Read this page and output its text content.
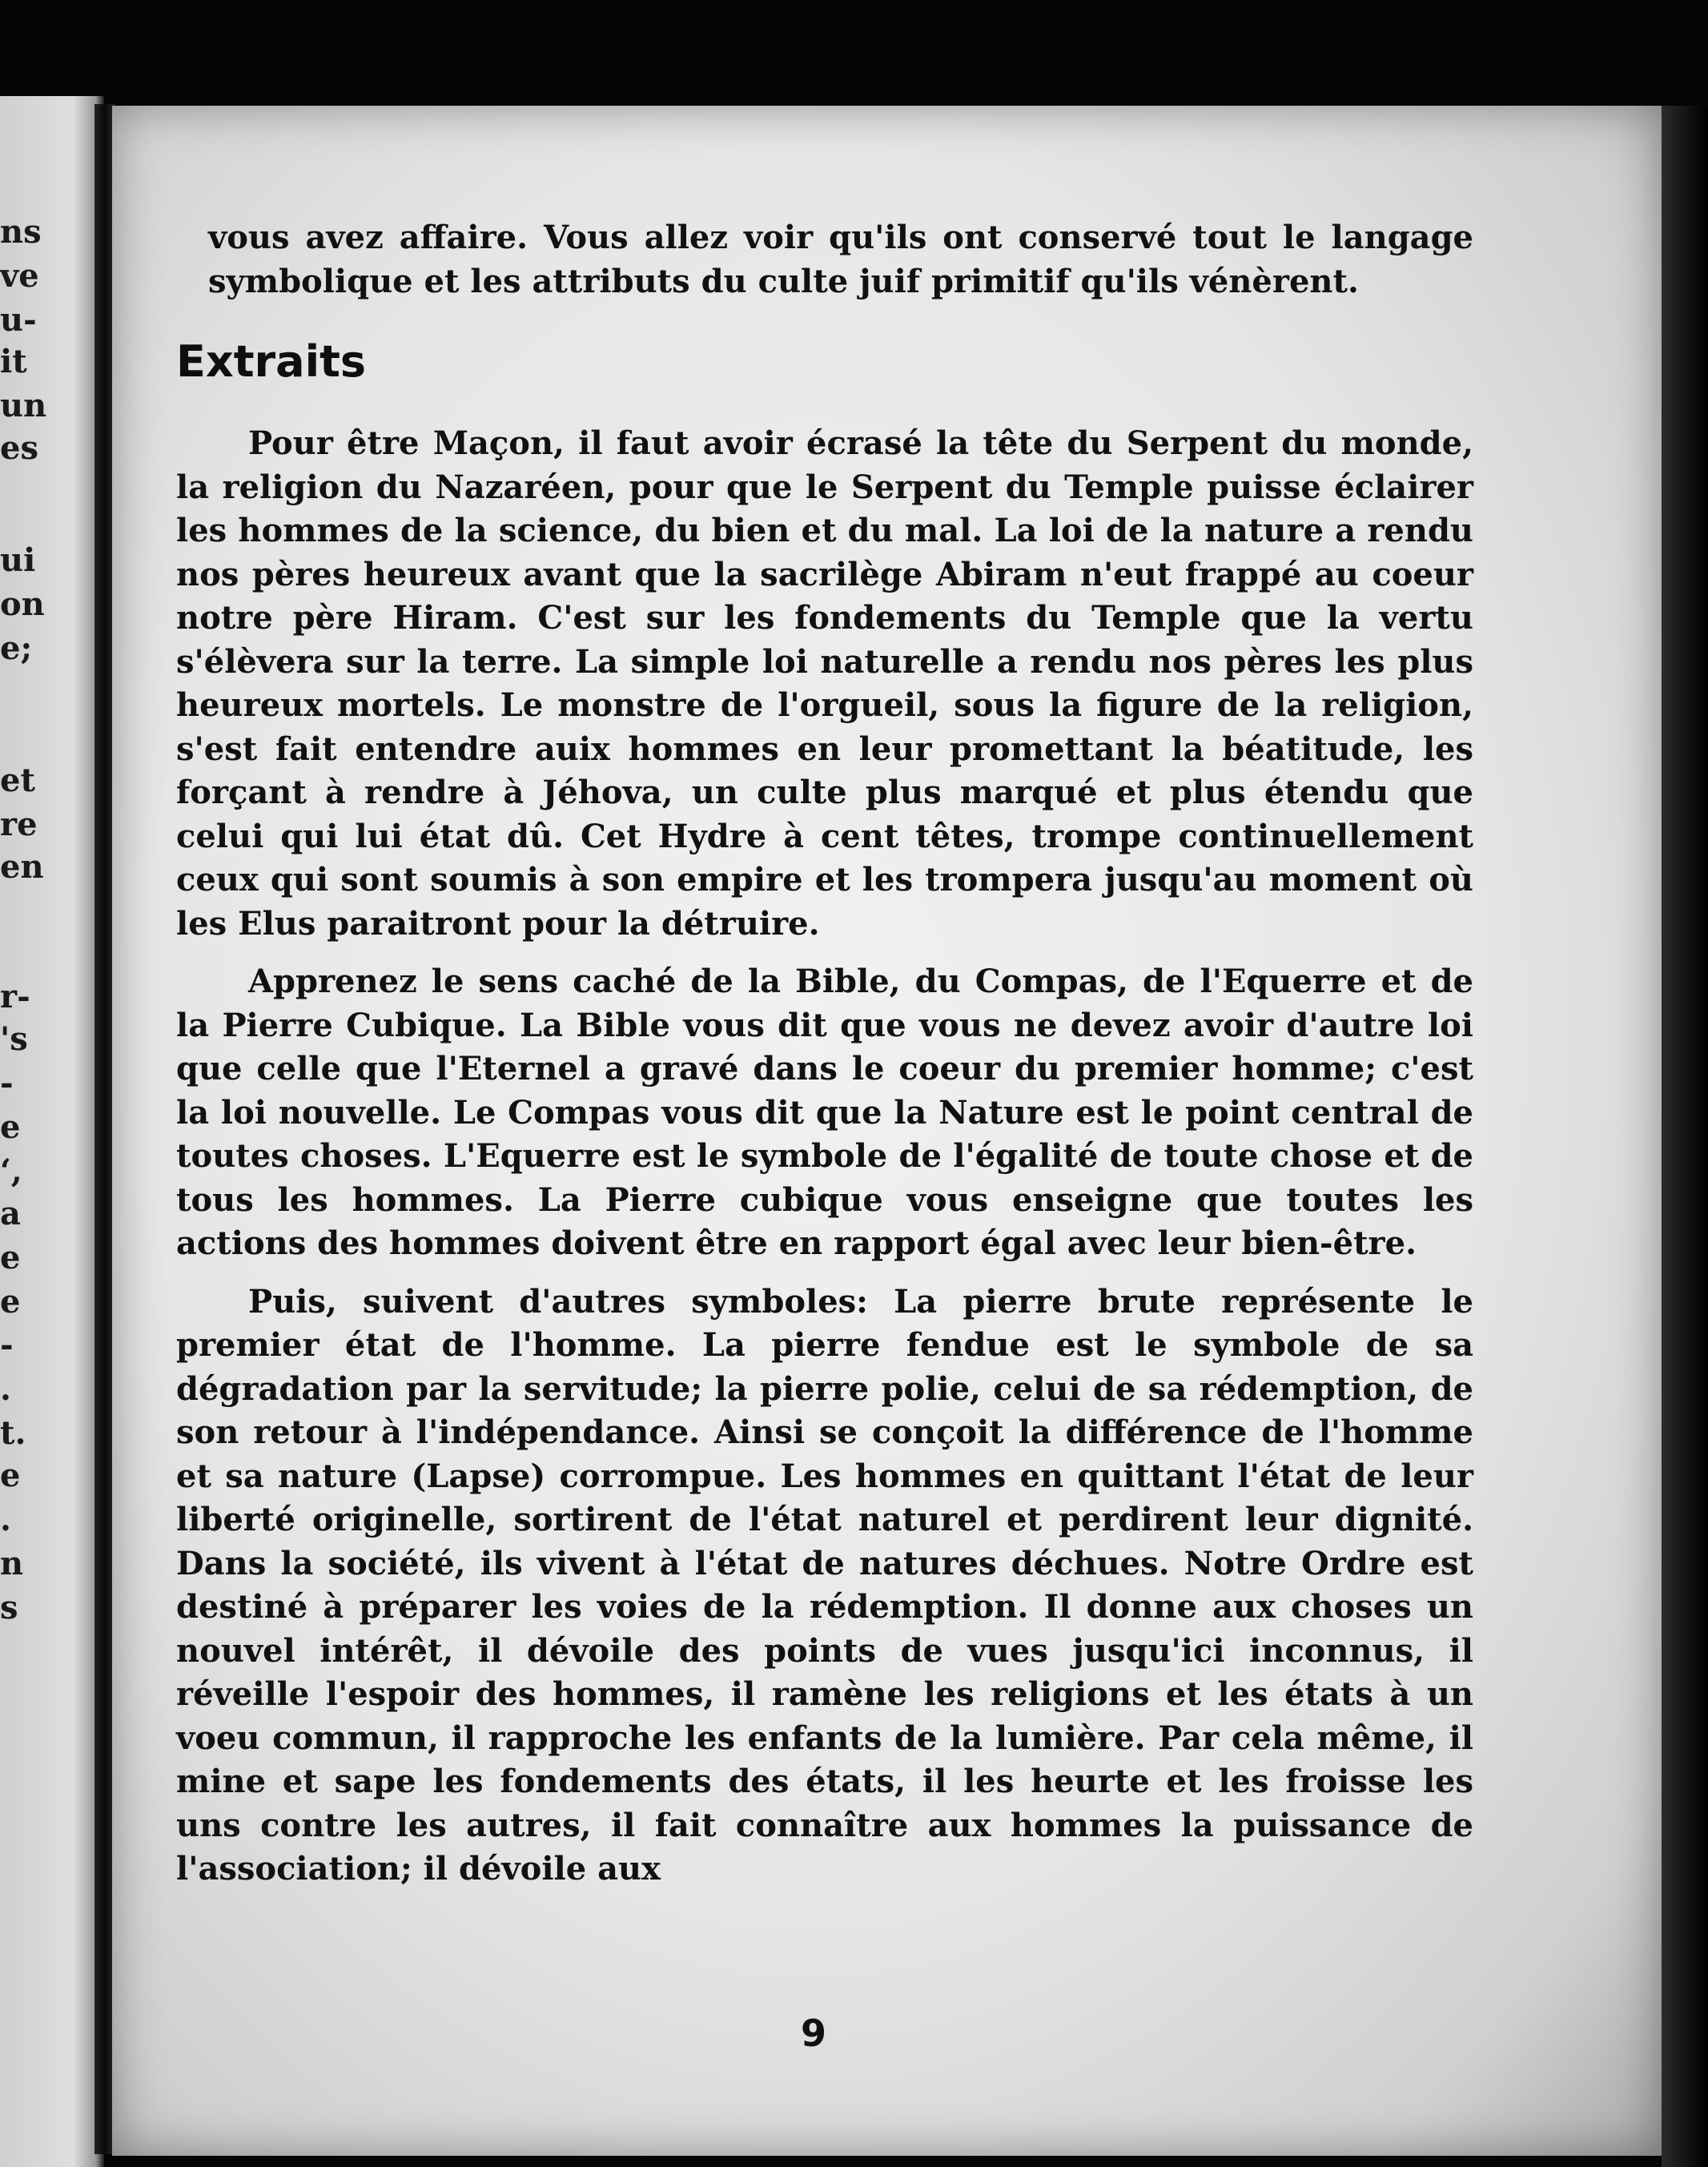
ns
ve
u-
it
un
es
ui
on
e;
et
re
en
r-
's
-
e
‘,
a
e
e
-
.
t.
e
.
n
s

vous avez affaire. Vous allez voir qu'ils ont conservé tout le langage symbolique et les attributs du culte juif primitif qu'ils vénèrent.

Extraits

Pour être Maçon, il faut avoir écrasé la tête du Serpent du monde, la religion du Nazaréen, pour que le Serpent du Temple puisse éclairer les hommes de la science, du bien et du mal. La loi de la nature a rendu nos pères heureux avant que la sacrilège Abiram n'eut frappé au coeur notre père Hiram. C'est sur les fondements du Temple que la vertu s'élèvera sur la terre. La simple loi naturelle a rendu nos pères les plus heureux mortels. Le monstre de l'orgueil, sous la figure de la religion, s'est fait entendre auix hommes en leur promettant la béatitude, les forçant à rendre à Jéhova, un culte plus marqué et plus étendu que celui qui lui état dû. Cet Hydre à cent têtes, trompe continuellement ceux qui sont soumis à son empire et les trompera jusqu'au moment où les Elus paraitront pour la détruire.

Apprenez le sens caché de la Bible, du Compas, de l'Equerre et de la Pierre Cubique. La Bible vous dit que vous ne devez avoir d'autre loi que celle que l'Eternel a gravé dans le coeur du premier homme; c'est la loi nouvelle. Le Compas vous dit que la Nature est le point central de toutes choses. L'Equerre est le symbole de l'égalité de toute chose et de tous les hommes. La Pierre cubique vous enseigne que toutes les actions des hommes doivent être en rapport égal avec leur bien-être.

Puis, suivent d'autres symboles: La pierre brute représente le premier état de l'homme. La pierre fendue est le symbole de sa dégradation par la servitude; la pierre polie, celui de sa rédemption, de son retour à l'indépendance. Ainsi se conçoit la différence de l'homme et sa nature (Lapse) corrompue. Les hommes en quittant l'état de leur liberté originelle, sortirent de l'état naturel et perdirent leur dignité. Dans la société, ils vivent à l'état de natures déchues. Notre Ordre est destiné à préparer les voies de la rédemption. Il donne aux choses un nouvel intérêt, il dévoile des points de vues jusqu'ici inconnus, il réveille l'espoir des hommes, il ramène les religions et les états à un voeu commun, il rapproche les enfants de la lumière. Par cela même, il mine et sape les fondements des états, il les heurte et les froisse les uns contre les autres, il fait connaître aux hommes la puissance de l'association; il dévoile aux

9
